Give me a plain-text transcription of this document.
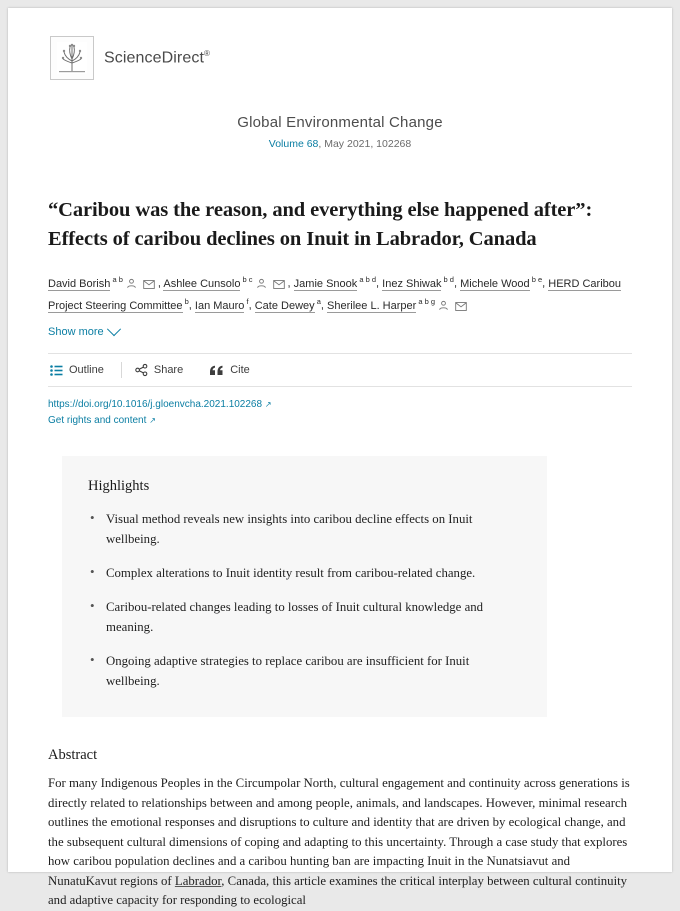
ScienceDirect®
Global Environmental Change
Volume 68, May 2021, 102268
“Caribou was the reason, and everything else happened after”: Effects of caribou declines on Inuit in Labrador, Canada
David Borish $^{a b}$	, Ashlee Cunsolo $^{b c}$	, Jamie Snook $^{a b d}$, Inez Shiwak $^{b d}$, Michele Wood $^{b e}$, HERD Caribou Project Steering Committee $^b$, Ian Mauro $^f$, Cate Dewey $^a$, Sherilee L. Harper $^{a b g}$
Show more
Outline	Share	Cite
https://doi.org/10.1016/j.gloenvcha.2021.102268 ↗
Get rights and content ↗
Highlights
• Visual method reveals new insights into caribou decline effects on Inuit wellbeing.
• Complex alterations to Inuit identity result from caribou-related change.
• Caribou-related changes leading to losses of Inuit cultural knowledge and meaning.
• Ongoing adaptive strategies to replace caribou are insufficient for Inuit wellbeing.
Abstract
For many Indigenous Peoples in the Circumpolar North, cultural engagement and continuity across generations is directly related to relationships between and among people, animals, and landscapes. However, minimal research outlines the emotional responses and disruptions to culture and identity that are driven by ecological change, and the subsequent cultural dimensions of coping and adapting to this uncertainty. Through a case study that explores how caribou population declines and a caribou hunting ban are impacting Inuit in the Nunatsiavut and NunatuKavut regions of Labrador, Canada, this article examines the critical interplay between cultural continuity and adaptive capacity for responding to ecological
